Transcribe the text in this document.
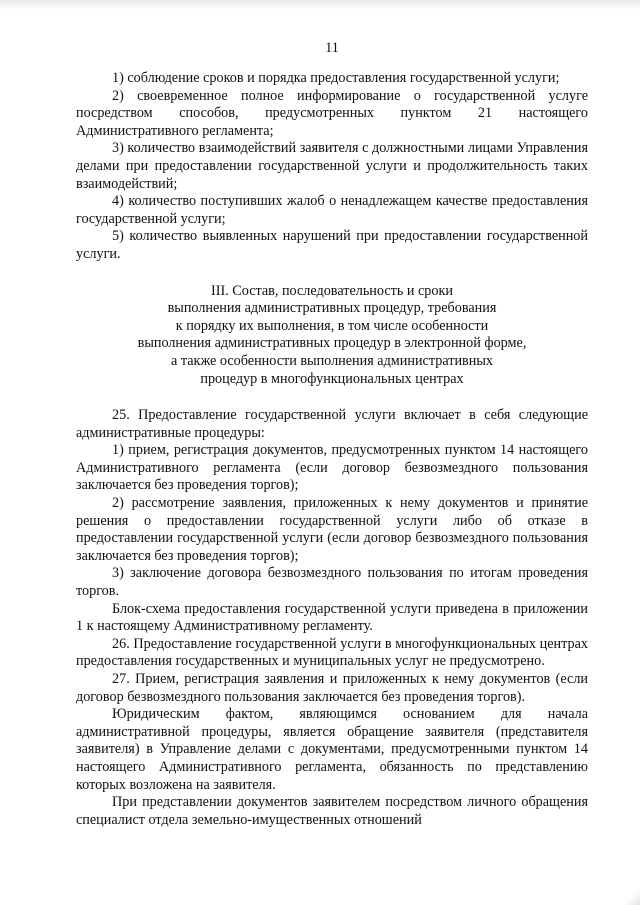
11

1) соблюдение сроков и порядка предоставления государственной услуги;

2) своевременное полное информирование о государственной услуге посредством способов, предусмотренных пунктом 21 настоящего Административного регламента;

3) количество взаимодействий заявителя с должностными лицами Управления делами при предоставлении государственной услуги и продолжительность таких взаимодействий;

4) количество поступивших жалоб о ненадлежащем качестве предоставления государственной услуги;

5) количество выявленных нарушений при предоставлении государственной услуги.

III. Состав, последовательность и сроки
выполнения административных процедур, требования
к порядку их выполнения, в том числе особенности
выполнения административных процедур в электронной форме,
а также особенности выполнения административных
процедур в многофункциональных центрах

25. Предоставление государственной услуги включает в себя следующие административные процедуры:

1) прием, регистрация документов, предусмотренных пунктом 14 настоящего Административного регламента (если договор безвозмездного пользования заключается без проведения торгов);

2) рассмотрение заявления, приложенных к нему документов и принятие решения о предоставлении государственной услуги либо об отказе в предоставлении государственной услуги (если договор безвозмездного пользования заключается без проведения торгов);

3) заключение договора безвозмездного пользования по итогам проведения торгов.

Блок-схема предоставления государственной услуги приведена в приложении 1 к настоящему Административному регламенту.

26. Предоставление государственной услуги в многофункциональных центрах предоставления государственных и муниципальных услуг не предусмотрено.

27. Прием, регистрация заявления и приложенных к нему документов (если договор безвозмездного пользования заключается без проведения торгов).

Юридическим фактом, являющимся основанием для начала административной процедуры, является обращение заявителя (представителя заявителя) в Управление делами с документами, предусмотренными пунктом 14 настоящего Административного регламента, обязанность по представлению которых возложена на заявителя.

При представлении документов заявителем посредством личного обращения специалист отдела земельно-имущественных отношений
